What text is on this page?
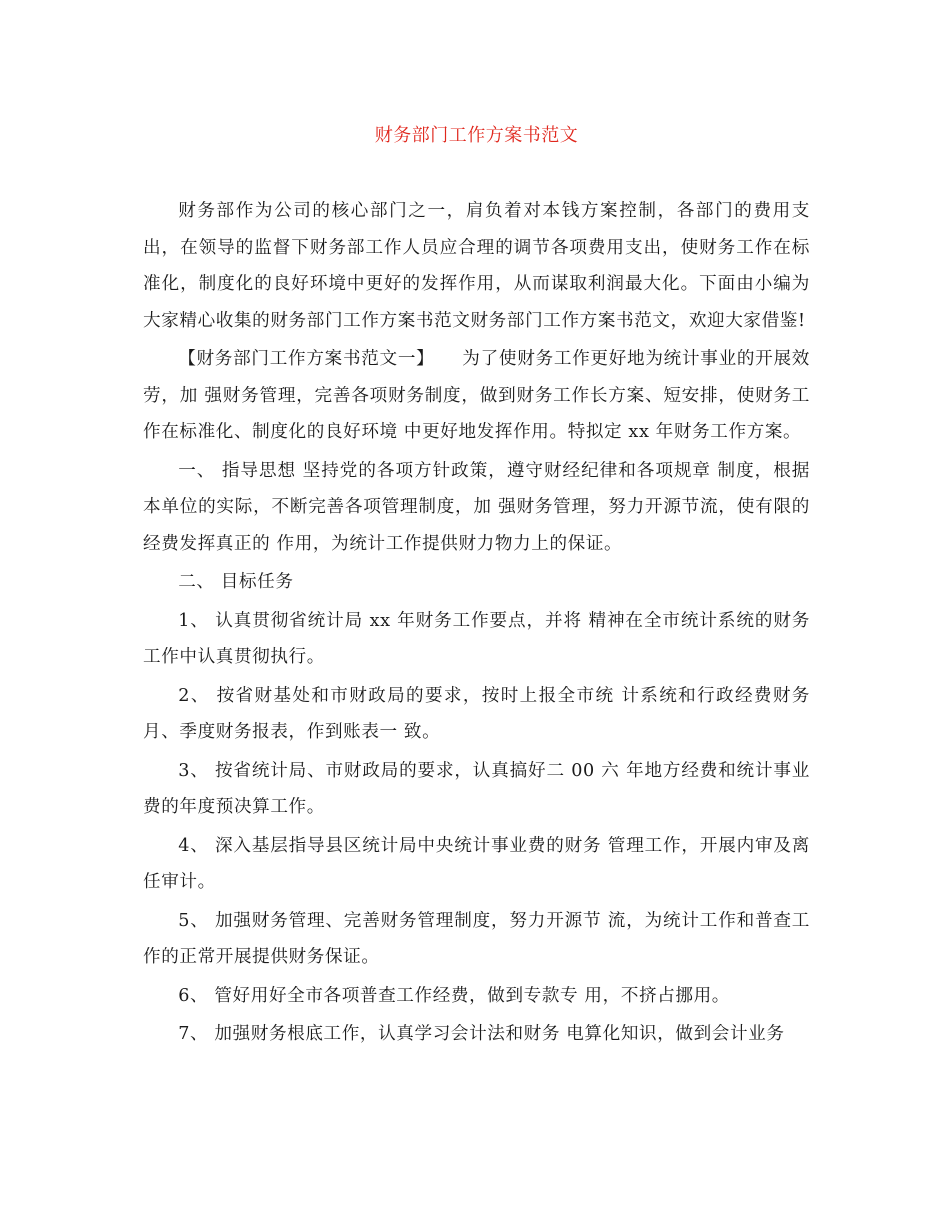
财务部门工作方案书范文

财务部作为公司的核心部门之一，肩负着对本钱方案控制，各部门的费用支出，在领导的监督下财务部工作人员应合理的调节各项费用支出，使财务工作在标准化，制度化的良好环境中更好的发挥作用，从而谋取利润最大化。下面由小编为大家精心收集的财务部门工作方案书范文财务部门工作方案书范文，欢迎大家借鉴!

【财务部门工作方案书范文一】　　为了使财务工作更好地为统计事业的开展效劳，加 强财务管理，完善各项财务制度，做到财务工作长方案、短安排，使财务工作在标准化、制度化的良好环境 中更好地发挥作用。特拟定 xx 年财务工作方案。

一、 指导思想 坚持党的各项方针政策，遵守财经纪律和各项规章 制度，根据本单位的实际，不断完善各项管理制度，加 强财务管理，努力开源节流，使有限的经费发挥真正的 作用，为统计工作提供财力物力上的保证。

二、 目标任务

1、 认真贯彻省统计局 xx 年财务工作要点，并将 精神在全市统计系统的财务工作中认真贯彻执行。

2、 按省财基处和市财政局的要求，按时上报全市统 计系统和行政经费财务月、季度财务报表，作到账表一 致。

3、 按省统计局、市财政局的要求，认真搞好二 00 六 年地方经费和统计事业费的年度预决算工作。

4、 深入基层指导县区统计局中央统计事业费的财务 管理工作，开展内审及离任审计。

5、 加强财务管理、完善财务管理制度，努力开源节 流，为统计工作和普查工作的正常开展提供财务保证。

6、 管好用好全市各项普查工作经费，做到专款专 用，不挤占挪用。

7、 加强财务根底工作，认真学习会计法和财务 电算化知识，做到会计业务
